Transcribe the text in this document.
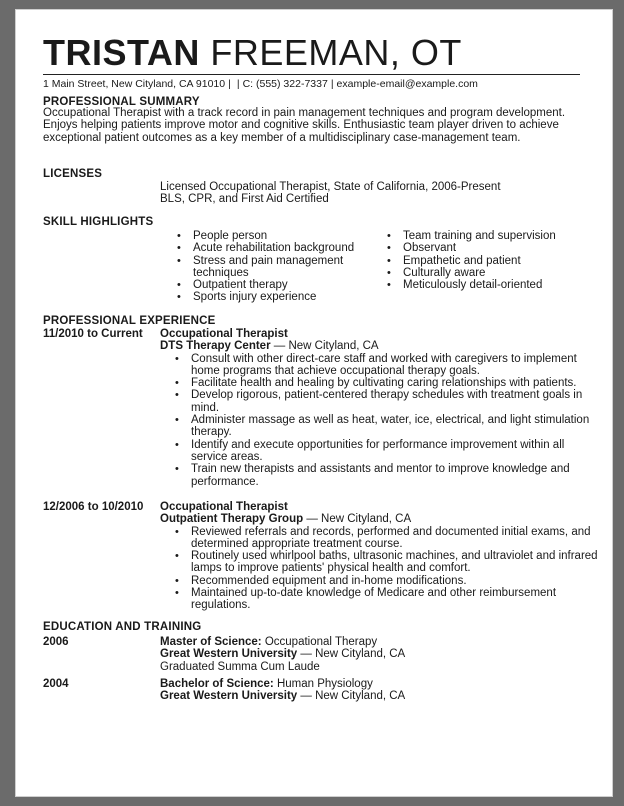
TRISTAN FREEMAN, OT
1 Main Street, New Cityland, CA 91010 | | C: (555) 322-7337 | example-email@example.com
PROFESSIONAL SUMMARY
Occupational Therapist with a track record in pain management techniques and program development. Enjoys helping patients improve motor and cognitive skills. Enthusiastic team player driven to achieve exceptional patient outcomes as a key member of a multidisciplinary case-management team.
LICENSES
Licensed Occupational Therapist, State of California, 2006-Present
BLS, CPR, and First Aid Certified
SKILL HIGHLIGHTS
• People person
• Acute rehabilitation background
• Stress and pain management techniques
• Outpatient therapy
• Sports injury experience
• Team training and supervision
• Observant
• Empathetic and patient
• Culturally aware
• Meticulously detail-oriented
PROFESSIONAL EXPERIENCE
11/2010 to Current Occupational Therapist
DTS Therapy Center — New Cityland, CA
• Consult with other direct-care staff and worked with caregivers to implement home programs that achieve occupational therapy goals.
• Facilitate health and healing by cultivating caring relationships with patients.
• Develop rigorous, patient-centered therapy schedules with treatment goals in mind.
• Administer massage as well as heat, water, ice, electrical, and light stimulation therapy.
• Identify and execute opportunities for performance improvement within all service areas.
• Train new therapists and assistants and mentor to improve knowledge and performance.
12/2006 to 10/2010 Occupational Therapist
Outpatient Therapy Group — New Cityland, CA
• Reviewed referrals and records, performed and documented initial exams, and determined appropriate treatment course.
• Routinely used whirlpool baths, ultrasonic machines, and ultraviolet and infrared lamps to improve patients' physical health and comfort.
• Recommended equipment and in-home modifications.
• Maintained up-to-date knowledge of Medicare and other reimbursement regulations.
EDUCATION AND TRAINING
2006	Master of Science: Occupational Therapy
Great Western University — New Cityland, CA
Graduated Summa Cum Laude
2004	Bachelor of Science: Human Physiology
Great Western University — New Cityland, CA
